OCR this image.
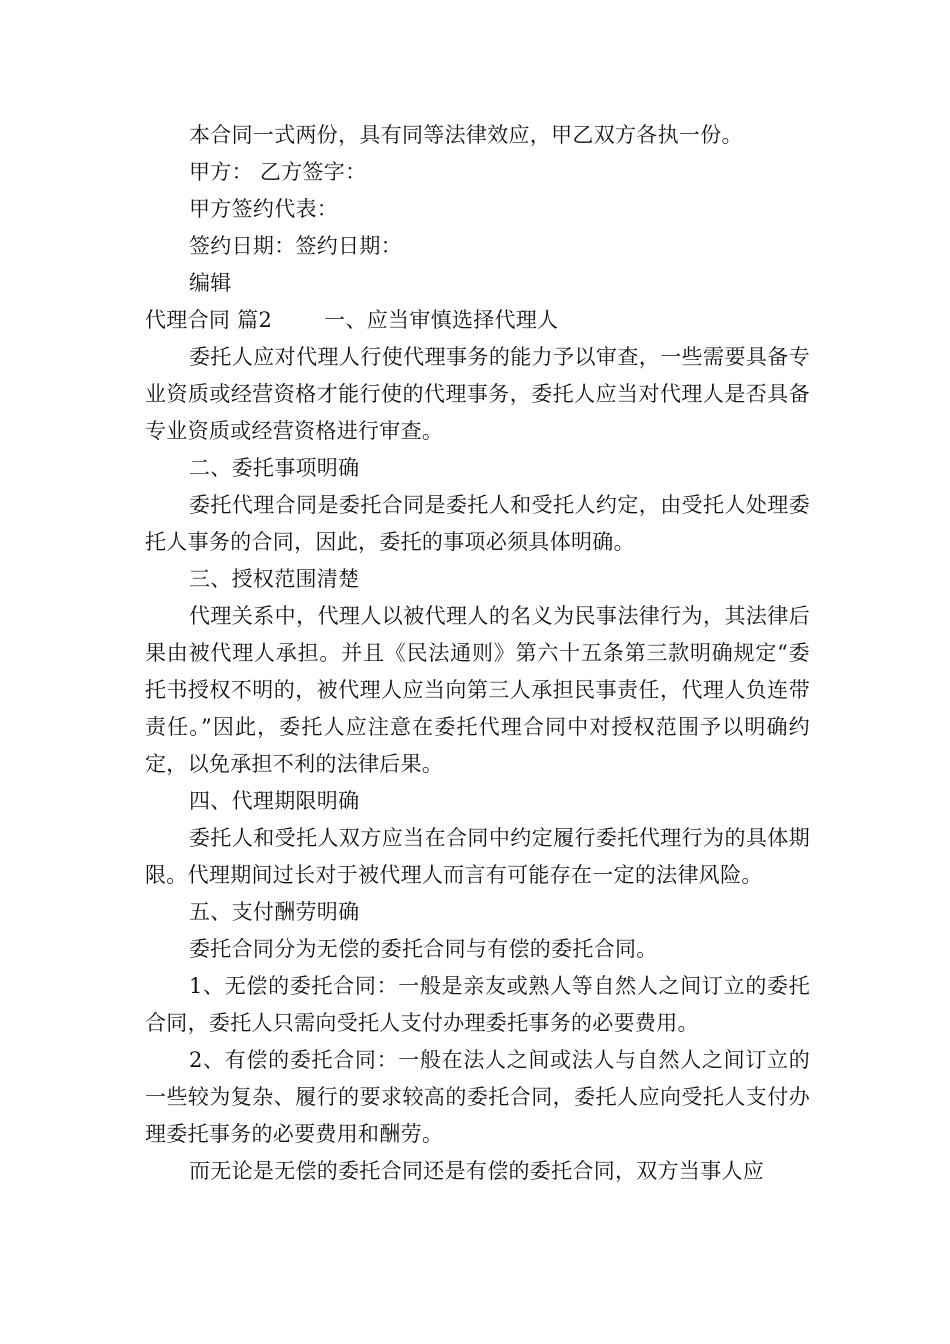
本合同一式两份，具有同等法律效应，甲乙双方各执一份。

甲方： 乙方签字：

甲方签约代表：

签约日期：签约日期：

编辑

代理合同 篇2 一、应当审慎选择代理人

委托人应对代理人行使代理事务的能力予以审查，一些需要具备专业资质或经营资格才能行使的代理事务，委托人应当对代理人是否具备专业资质或经营资格进行审查。

二、委托事项明确

委托代理合同是委托合同是委托人和受托人约定，由受托人处理委托人事务的合同，因此，委托的事项必须具体明确。

三、授权范围清楚

代理关系中，代理人以被代理人的名义为民事法律行为，其法律后果由被代理人承担。并且《民法通则》第六十五条第三款明确规定“委托书授权不明的，被代理人应当向第三人承担民事责任，代理人负连带责任。”因此，委托人应注意在委托代理合同中对授权范围予以明确约定，以免承担不利的法律后果。

四、代理期限明确

委托人和受托人双方应当在合同中约定履行委托代理行为的具体期限。代理期间过长对于被代理人而言有可能存在一定的法律风险。

五、支付酬劳明确

委托合同分为无偿的委托合同与有偿的委托合同。

1、无偿的委托合同：一般是亲友或熟人等自然人之间订立的委托合同，委托人只需向受托人支付办理委托事务的必要费用。

2、有偿的委托合同：一般在法人之间或法人与自然人之间订立的一些较为复杂、履行的要求较高的委托合同，委托人应向受托人支付办理委托事务的必要费用和酬劳。

而无论是无偿的委托合同还是有偿的委托合同，双方当事人应
